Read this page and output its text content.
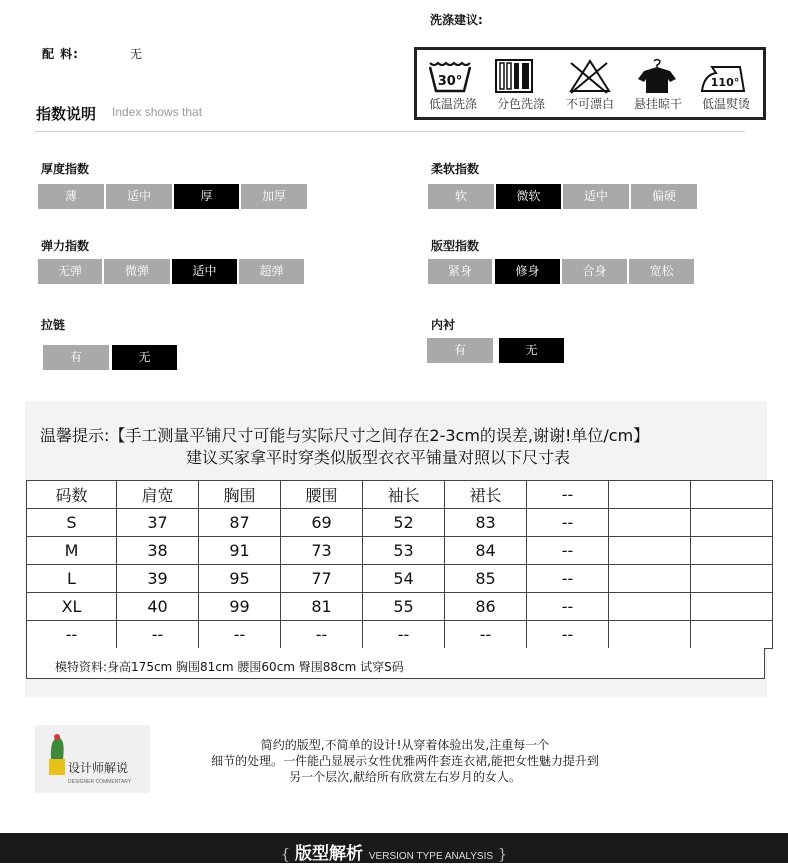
配 料:	无
指数说明 Index shows that
洗涤建议:
30°	110°
低温洗涤	分色洗涤	不可漂白	悬挂晾干	低温熨烫
厚度指数
薄	适中	厚	加厚
柔软指数
软	微软	适中	偏硬
弹力指数
无弹	微弹	适中	超弹
版型指数
紧身	修身	合身	宽松
拉链
有	无
内衬
有	无
温馨提示:【手工测量平铺尺寸可能与实际尺寸之间存在2-3cm的误差,谢谢!单位/cm】
建议买家拿平时穿类似版型衣衣平铺量对照以下尺寸表
码数	肩宽	胸围	腰围	袖长	裙长	--		
S	37	87	69	52	83	--		
M	38	91	73	53	84	--		
L	39	95	77	54	85	--		
XL	40	99	81	55	86	--		
--	--	--	--	--	--	--		
模特资料:身高175cm 胸围81cm 腰围60cm 臀围88cm 试穿S码
设计师解说
DESIGNER COMMENTARY
简约的版型,不简单的设计!从穿着体验出发,注重每一个
细节的处理。一件能凸显展示女性优雅两件套连衣裙,能把女性魅力提升到
另一个层次,献给所有欣赏左右岁月的女人。
{ 版型解析 VERSION TYPE ANALYSIS }
